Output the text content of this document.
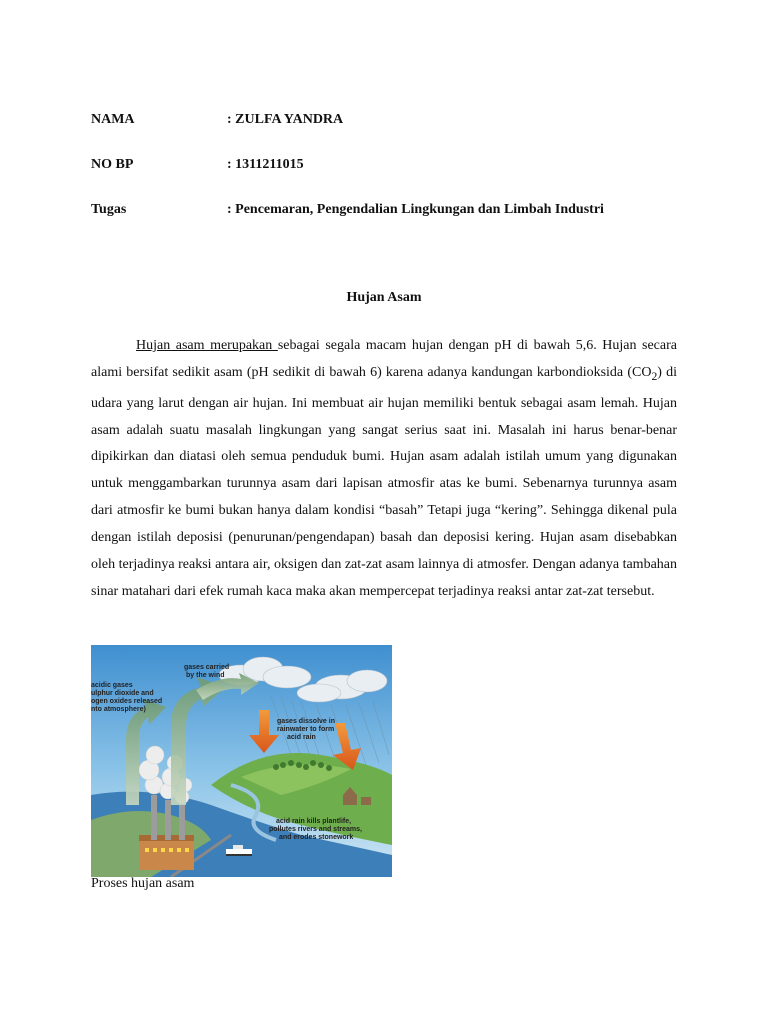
NAMA	: ZULFA YANDRA
NO BP	: 1311211015
Tugas	: Pencemaran, Pengendalian Lingkungan dan Limbah Industri
Hujan Asam
Hujan asam merupakan sebagai segala macam hujan dengan pH di bawah 5,6. Hujan secara alami bersifat sedikit asam (pH sedikit di bawah 6) karena adanya kandungan karbondioksida $(CO_2)$ di udara yang larut dengan air hujan. Ini membuat air hujan memiliki bentuk sebagai asam lemah. Hujan asam adalah suatu masalah lingkungan yang sangat serius saat ini. Masalah ini harus benar-benar dipikirkan dan diatasi oleh semua penduduk bumi. Hujan asam adalah istilah umum yang digunakan untuk menggambarkan turunnya asam dari lapisan atmosfir atas ke bumi. Sebenarnya turunnya asam dari atmosfir ke bumi bukan hanya dalam kondisi “basah” Tetapi juga “kering”. Sehingga dikenal pula dengan istilah deposisi (penurunan/pengendapan) basah dan deposisi kering. Hujan asam disebabkan oleh terjadinya reaksi antara air, oksigen dan zat-zat asam lainnya di atmosfer. Dengan adanya tambahan sinar matahari dari efek rumah kaca maka akan mempercepat terjadinya reaksi antar zat-zat tersebut.
gases carried
by the wind
acidic gases
ulphur dioxide and
ogen oxides released
nto atmosphere)
gases dissolve in
rainwater to form
acid rain
acid rain kills plantlife,
pollutes rivers and streams,
and erodes stonework
Proses hujan asam
